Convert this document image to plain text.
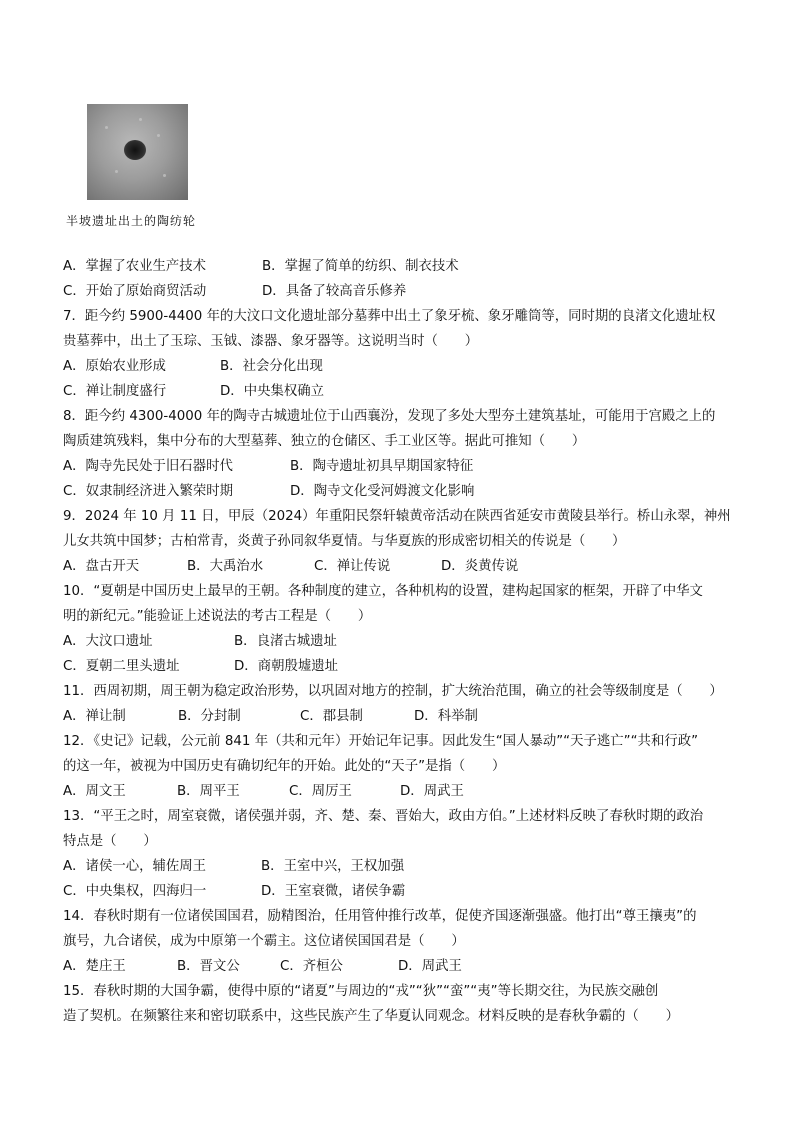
半坡遗址出土的陶纺轮
A．掌握了农业生产技术	B．掌握了简单的纺织、制衣技术
C．开始了原始商贸活动	D．具备了较高音乐修养
7．距今约 5900-4400 年的大汶口文化遗址部分墓葬中出土了象牙梳、象牙雕筒等，同时期的良渚文化遗址权
贵墓葬中，出土了玉琮、玉钺、漆器、象牙器等。这说明当时（　　）
A．原始农业形成	B．社会分化出现
C．禅让制度盛行	D．中央集权确立
8．距今约 4300-4000 年的陶寺古城遗址位于山西襄汾，发现了多处大型夯土建筑基址，可能用于宫殿之上的
陶质建筑残料，集中分布的大型墓葬、独立的仓储区、手工业区等。据此可推知（　　）
A．陶寺先民处于旧石器时代	B．陶寺遗址初具早期国家特征
C．奴隶制经济进入繁荣时期	D．陶寺文化受河姆渡文化影响
9．2024 年 10 月 11 日，甲辰（2024）年重阳民祭轩辕黄帝活动在陕西省延安市黄陵县举行。桥山永翠，神州
儿女共筑中国梦；古柏常青，炎黄子孙同叙华夏情。与华夏族的形成密切相关的传说是（　　）
A．盘古开天	B．大禹治水	C．禅让传说	D．炎黄传说
10．“夏朝是中国历史上最早的王朝。各种制度的建立，各种机构的设置，建构起国家的框架，开辟了中华文
明的新纪元。”能验证上述说法的考古工程是（　　）
A．大汶口遗址	B．良渚古城遗址
C．夏朝二里头遗址	D．商朝殷墟遗址
11．西周初期，周王朝为稳定政治形势，以巩固对地方的控制，扩大统治范围，确立的社会等级制度是（　　）
A．禅让制	B．分封制	C．郡县制	D．科举制
12．《史记》记载，公元前 841 年（共和元年）开始记年记事。因此发生“国人暴动”“天子逃亡”“共和行政”
的这一年，被视为中国历史有确切纪年的开始。此处的“天子”是指（　　）
A．周文王	B．周平王	C．周厉王	D．周武王
13．“平王之时，周室衰微，诸侯强并弱，齐、楚、秦、晋始大，政由方伯。”上述材料反映了春秋时期的政治
特点是（　　）
A．诸侯一心，辅佐周王	B．王室中兴，王权加强
C．中央集权，四海归一	D．王室衰微，诸侯争霸
14．春秋时期有一位诸侯国国君，励精图治，任用管仲推行改革，促使齐国逐渐强盛。他打出“尊王攘夷”的
旗号，九合诸侯，成为中原第一个霸主。这位诸侯国国君是（　　）
A．楚庄王	B．晋文公	C．齐桓公	D．周武王
15．春秋时期的大国争霸，使得中原的“诸夏”与周边的“戎”“狄”“蛮”“夷”等长期交往，为民族交融创
造了契机。在频繁往来和密切联系中，这些民族产生了华夏认同观念。材料反映的是春秋争霸的（　　）
